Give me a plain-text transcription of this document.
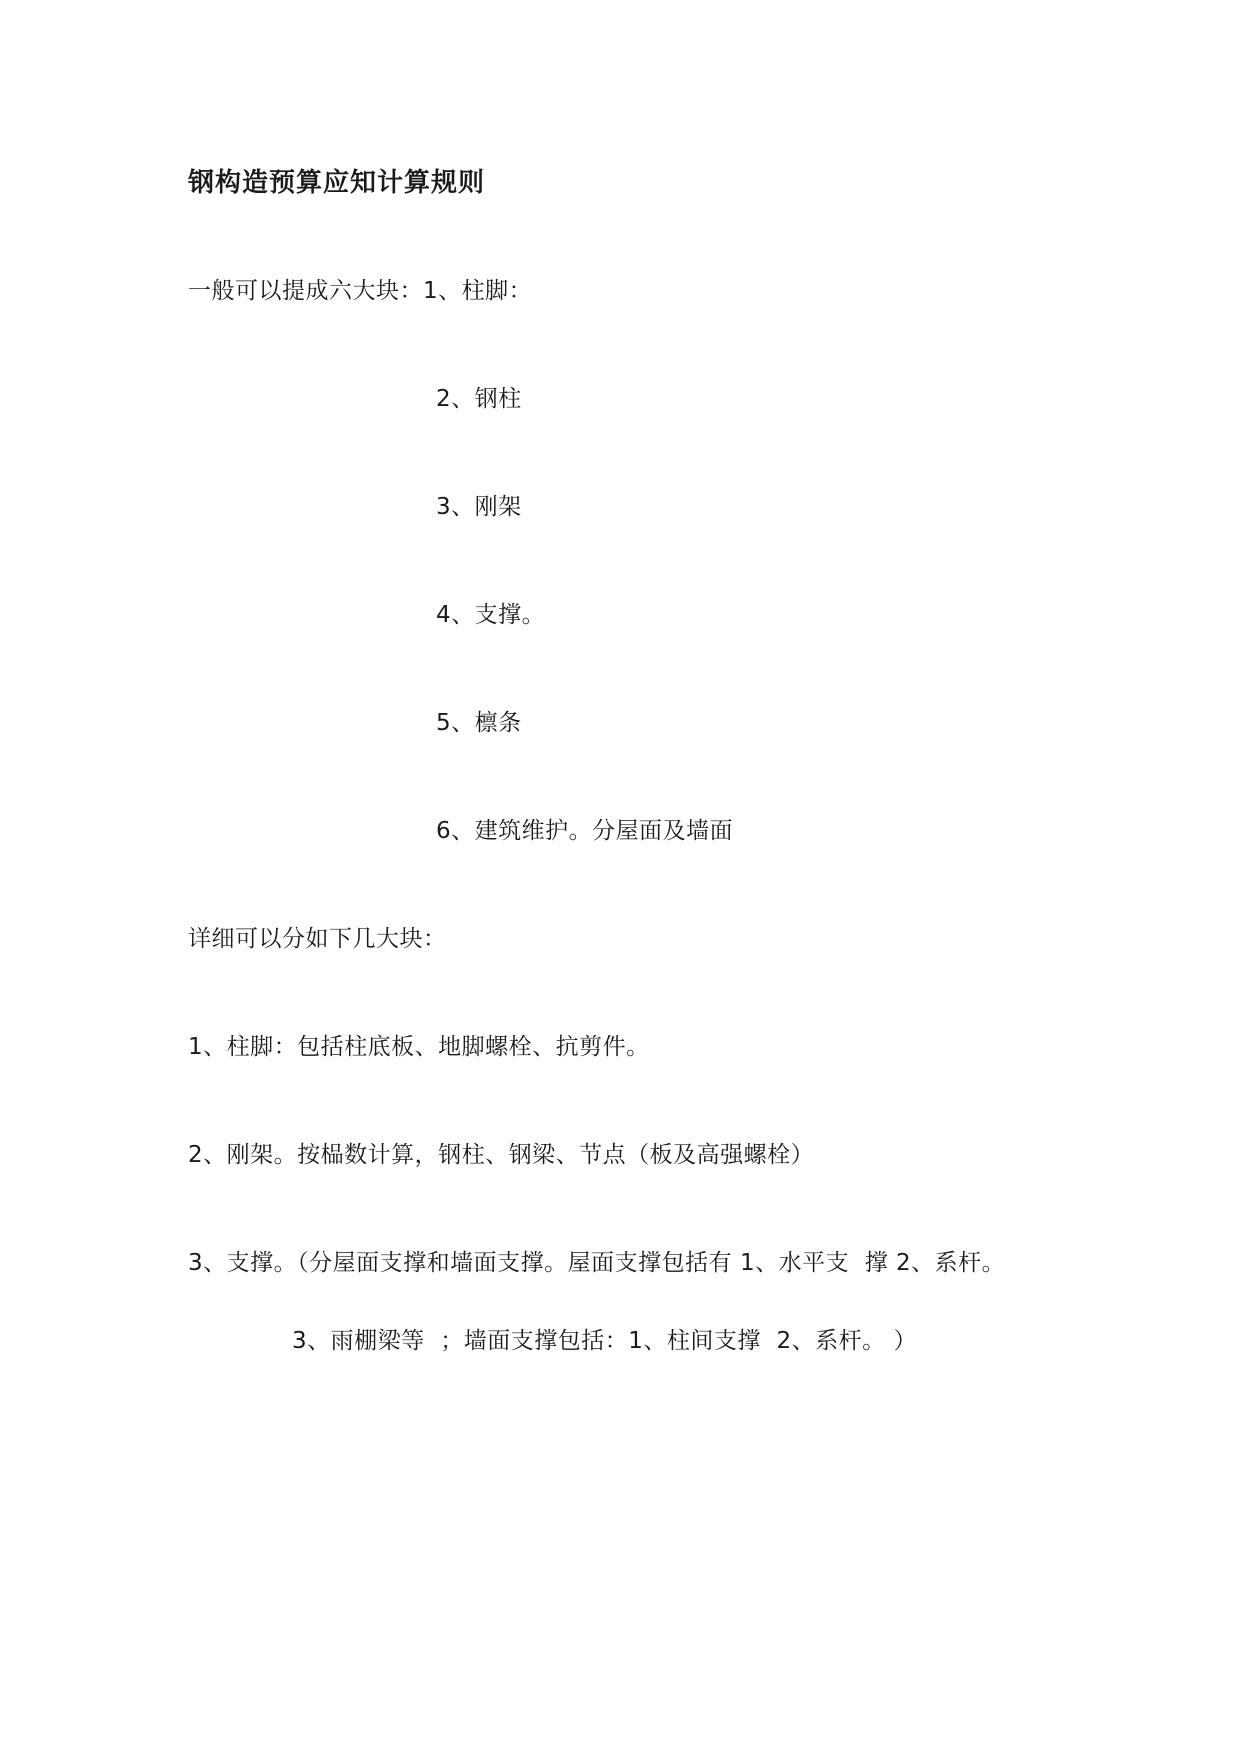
钢构造预算应知计算规则
一般可以提成六大块：1、柱脚：
2、钢柱
3、刚架
4、支撑。
5、檩条
6、建筑维护。分屋面及墙面
详细可以分如下几大块：
1、柱脚：包括柱底板、地脚螺栓、抗剪件。
2、刚架。按榀数计算，钢柱、钢梁、节点（板及高强螺栓）
3、支撑。（分屋面支撑和墙面支撑。屋面支撑包括有 1、水平支  撑 2、系杆。
3、雨棚梁等  ；墙面支撑包括：1、柱间支撑  2、系杆。 ）
